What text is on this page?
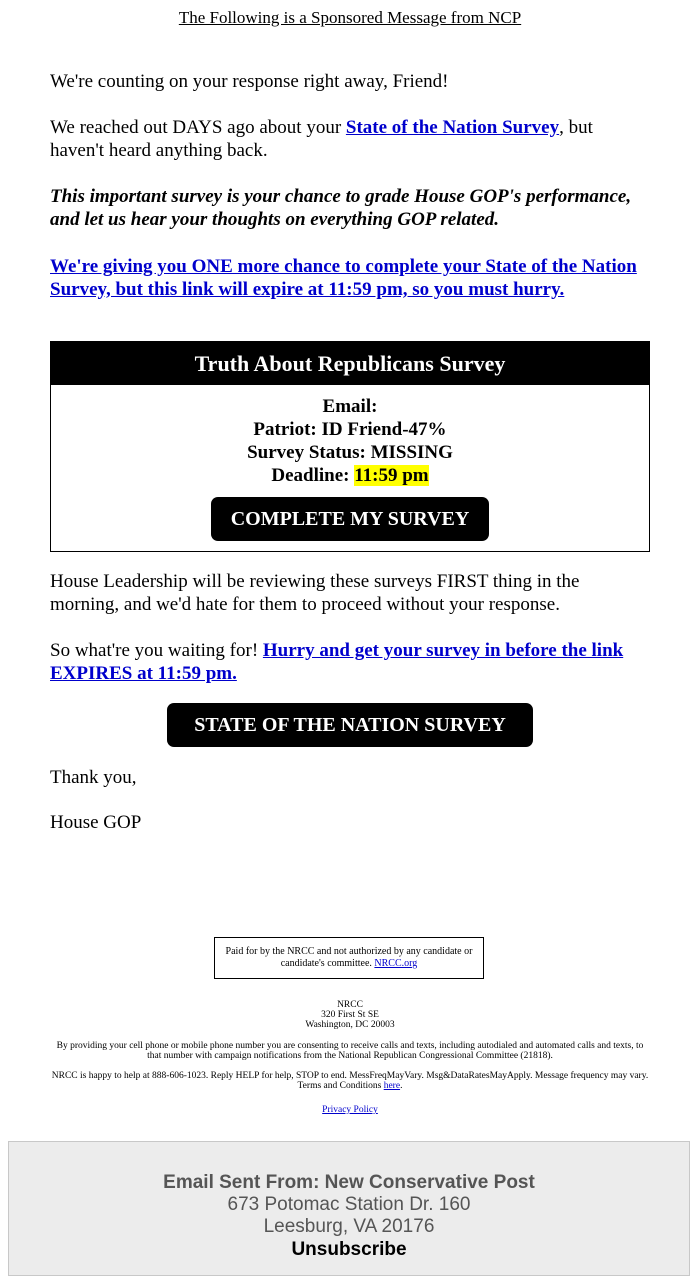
The Following is a Sponsored Message from NCP

We're counting on your response right away, Friend!

We reached out DAYS ago about your State of the Nation Survey, but haven't heard anything back.

This important survey is your chance to grade House GOP's performance, and let us hear your thoughts on everything GOP related.

We're giving you ONE more chance to complete your State of the Nation Survey, but this link will expire at 11:59 pm, so you must hurry.

Truth About Republicans Survey
Email:
Patriot: ID Friend-47%
Survey Status: MISSING
Deadline: 11:59 pm
COMPLETE MY SURVEY

House Leadership will be reviewing these surveys FIRST thing in the morning, and we'd hate for them to proceed without your response.

So what're you waiting for! Hurry and get your survey in before the link EXPIRES at 11:59 pm.

STATE OF THE NATION SURVEY

Thank you,

House GOP

Paid for by the NRCC and not authorized by any candidate or candidate's committee. NRCC.org
NRCC
320 First St SE
Washington, DC 20003
By providing your cell phone or mobile phone number you are consenting to receive calls and texts, including autodialed and automated calls and texts, to that number with campaign notifications from the National Republican Congressional Committee (21818).
NRCC is happy to help at 888-606-1023. Reply HELP for help, STOP to end. MessFreqMayVary. Msg&DataRatesMayApply. Message frequency may vary. Terms and Conditions here.
Privacy Policy
Email Sent From: New Conservative Post
673 Potomac Station Dr. 160
Leesburg, VA 20176
Unsubscribe
